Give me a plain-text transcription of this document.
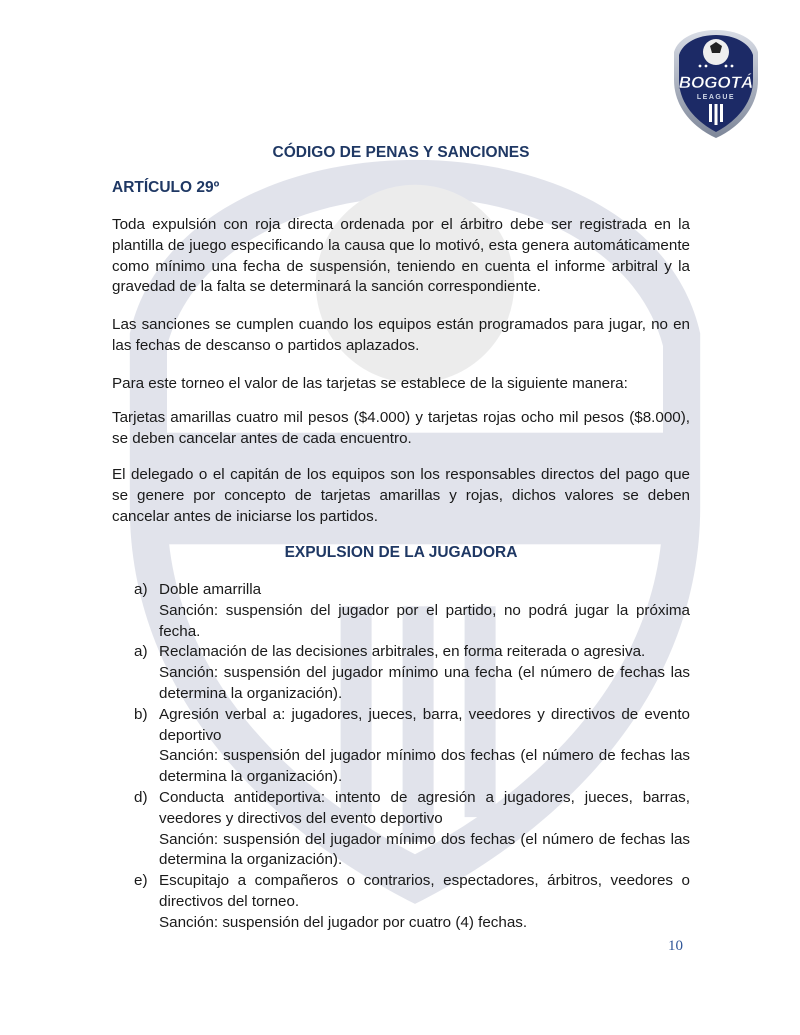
BOGOTÁ
LEAGUE
CÓDIGO DE PENAS Y SANCIONES
ARTÍCULO 29º

Toda expulsión con roja directa ordenada por el árbitro debe ser registrada en la plantilla de juego especificando la causa que lo motivó, esta genera automáticamente como mínimo una fecha de suspensión, teniendo en cuenta el informe arbitral y la gravedad de la falta se determinará la sanción correspondiente.

Las sanciones se cumplen cuando los equipos están programados para jugar, no en las fechas de descanso o partidos aplazados.

Para este torneo el valor de las tarjetas se establece de la siguiente manera:

Tarjetas amarillas cuatro mil pesos ($4.000) y tarjetas rojas ocho mil pesos ($8.000), se deben cancelar antes de cada encuentro.

El delegado o el capitán de los equipos son los responsables directos del pago que se genere por concepto de tarjetas amarillas y rojas, dichos valores se deben cancelar antes de iniciarse los partidos.

EXPULSION DE LA JUGADORA
a) Doble amarrilla
Sanción: suspensión del jugador por el partido, no podrá jugar la próxima fecha.
a) Reclamación de las decisiones arbitrales, en forma reiterada o agresiva.
Sanción: suspensión del jugador mínimo una fecha (el número de fechas las determina la organización).
b) Agresión verbal a: jugadores, jueces, barra, veedores y directivos de evento deportivo
Sanción: suspensión del jugador mínimo dos fechas (el número de fechas las determina la organización).
d) Conducta antideportiva: intento de agresión a jugadores, jueces, barras, veedores y directivos del evento deportivo
Sanción: suspensión del jugador mínimo dos fechas (el número de fechas las determina la organización).
e) Escupitajo a compañeros o contrarios, espectadores, árbitros, veedores o directivos del torneo.
Sanción: suspensión del jugador por cuatro (4) fechas.
10
